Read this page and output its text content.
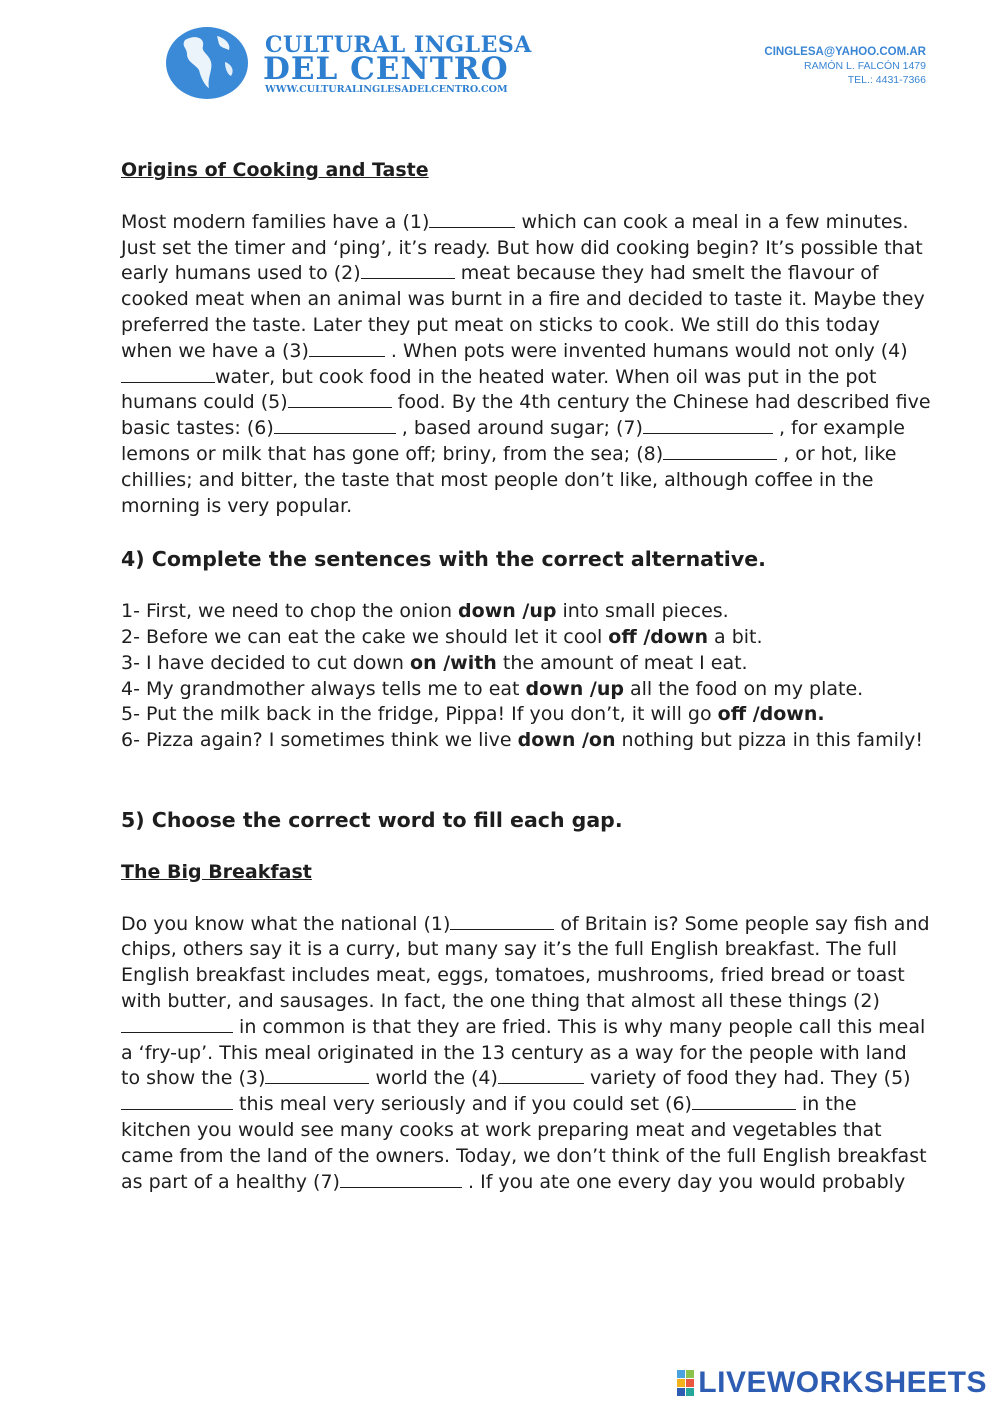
CULTURAL INGLESA
DEL CENTRO
WWW.CULTURALINGLESADELCENTRO.COM
CINGLESA@YAHOO.COM.AR
RAMÓN L. FALCÓN 1479
TEL.: 4431-7366

Origins of Cooking and Taste

Most modern families have a (1)	which can cook a meal in a few minutes. Just set the timer and ‘ping’, it’s ready. But how did cooking begin? It’s possible that early humans used to (2)	meat because they had smelt the flavour of cooked meat when an animal was burnt in a fire and decided to taste it. Maybe they preferred the taste. Later they put meat on sticks to cook. We still do this today when we have a (3)	. When pots were invented humans would not only (4) water, but cook food in the heated water. When oil was put in the pot humans could (5)	food. By the 4th century the Chinese had described five basic tastes: (6)	, based around sugar; (7)	, for example lemons or milk that has gone off; briny, from the sea; (8)	, or hot, like chillies; and bitter, the taste that most people don’t like, although coffee in the morning is very popular.

4) Complete the sentences with the correct alternative.

1- First, we need to chop the onion down /up into small pieces.
2- Before we can eat the cake we should let it cool off /down a bit.
3- I have decided to cut down on /with the amount of meat I eat.
4- My grandmother always tells me to eat down /up all the food on my plate.
5- Put the milk back in the fridge, Pippa! If you don’t, it will go off /down.
6- Pizza again? I sometimes think we live down /on nothing but pizza in this family!

5) Choose the correct word to fill each gap.

The Big Breakfast

Do you know what the national (1)	of Britain is? Some people say fish and chips, others say it is a curry, but many say it’s the full English breakfast. The full English breakfast includes meat, eggs, tomatoes, mushrooms, fried bread or toast with butter, and sausages. In fact, the one thing that almost all these things (2) in common is that they are fried. This is why many people call this meal a ‘fry-up’. This meal originated in the 13 century as a way for the people with land to show the (3)	world the (4)	variety of food they had. They (5) this meal very seriously and if you could set (6)	in the kitchen you would see many cooks at work preparing meat and vegetables that came from the land of the owners. Today, we don’t think of the full English breakfast as part of a healthy (7)	. If you ate one every day you would probably

LIVEWORKSHEETS
